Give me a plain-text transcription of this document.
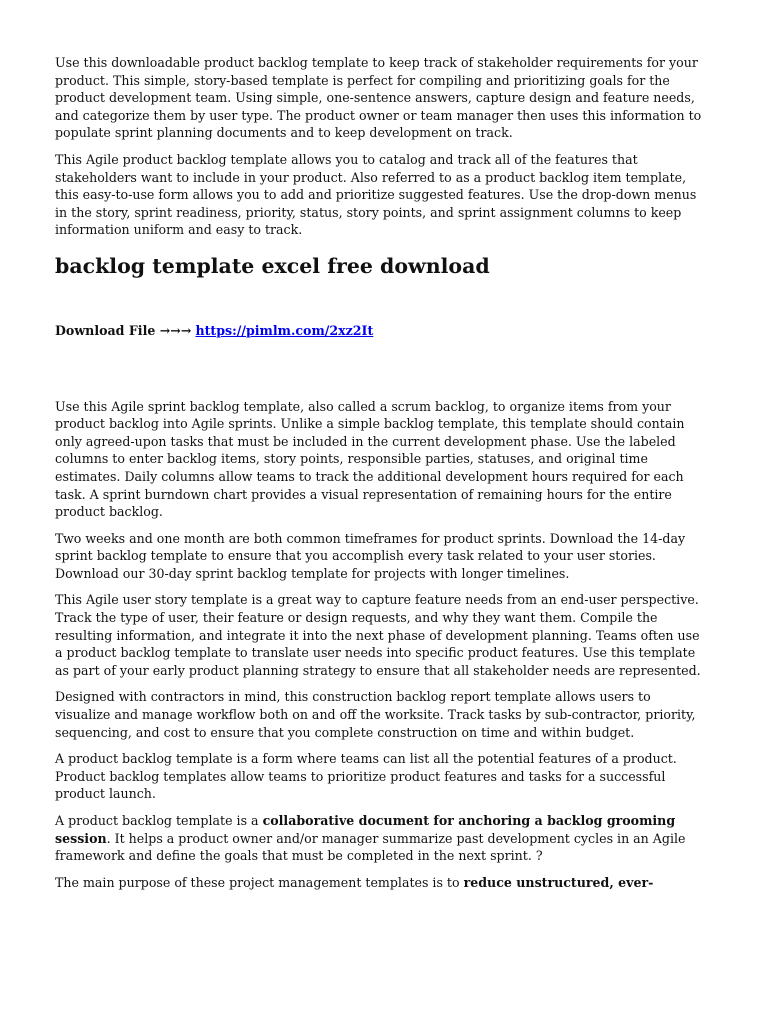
Use this downloadable product backlog template to keep track of stakeholder requirements for your
product. This simple, story-based template is perfect for compiling and prioritizing goals for the
product development team. Using simple, one-sentence answers, capture design and feature needs,
and categorize them by user type. The product owner or team manager then uses this information to
populate sprint planning documents and to keep development on track.

This Agile product backlog template allows you to catalog and track all of the features that
stakeholders want to include in your product. Also referred to as a product backlog item template,
this easy-to-use form allows you to add and prioritize suggested features. Use the drop-down menus
in the story, sprint readiness, priority, status, story points, and sprint assignment columns to keep
information uniform and easy to track.

backlog template excel free download
Download File →→→ https://pimlm.com/2xz2It

Use this Agile sprint backlog template, also called a scrum backlog, to organize items from your
product backlog into Agile sprints. Unlike a simple backlog template, this template should contain
only agreed-upon tasks that must be included in the current development phase. Use the labeled
columns to enter backlog items, story points, responsible parties, statuses, and original time
estimates. Daily columns allow teams to track the additional development hours required for each
task. A sprint burndown chart provides a visual representation of remaining hours for the entire
product backlog.

Two weeks and one month are both common timeframes for product sprints. Download the 14-day
sprint backlog template to ensure that you accomplish every task related to your user stories.
Download our 30-day sprint backlog template for projects with longer timelines.

This Agile user story template is a great way to capture feature needs from an end-user perspective.
Track the type of user, their feature or design requests, and why they want them. Compile the
resulting information, and integrate it into the next phase of development planning. Teams often use
a product backlog template to translate user needs into specific product features. Use this template
as part of your early product planning strategy to ensure that all stakeholder needs are represented.

Designed with contractors in mind, this construction backlog report template allows users to
visualize and manage workflow both on and off the worksite. Track tasks by sub-contractor, priority,
sequencing, and cost to ensure that you complete construction on time and within budget.

A product backlog template is a form where teams can list all the potential features of a product.
Product backlog templates allow teams to prioritize product features and tasks for a successful
product launch.

A product backlog template is a collaborative document for anchoring a backlog grooming
session. It helps a product owner and/or manager summarize past development cycles in an Agile
framework and define the goals that must be completed in the next sprint. ?

The main purpose of these project management templates is to reduce unstructured, ever-
